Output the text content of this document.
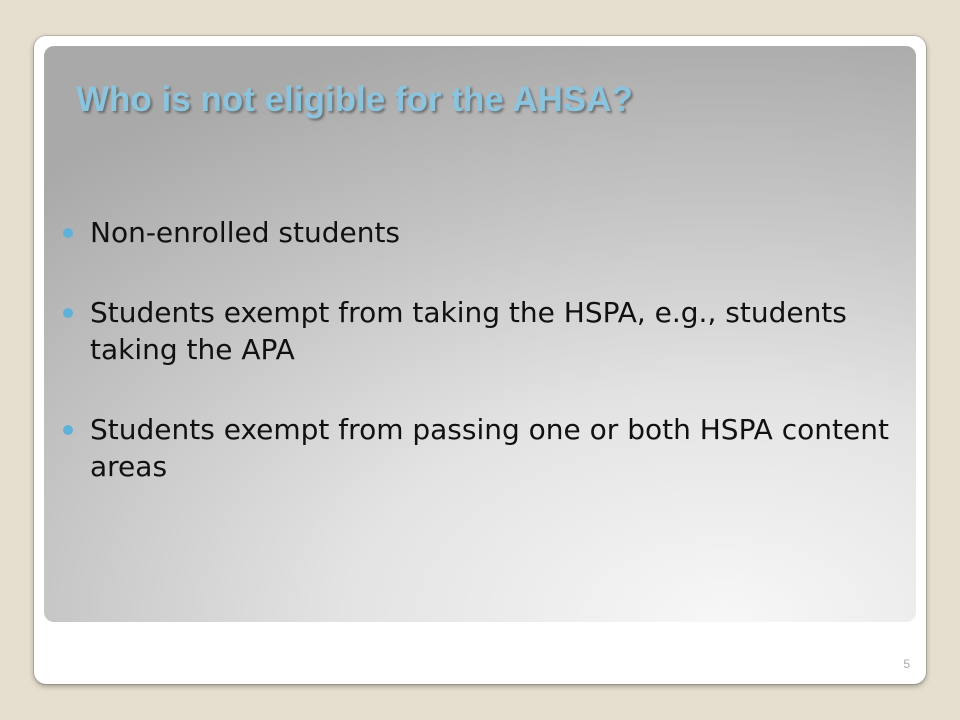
Who is not eligible for the AHSA?
Non-enrolled students
Students exempt from taking the HSPA, e.g., students taking the APA
Students exempt from passing one or both HSPA content areas
5
